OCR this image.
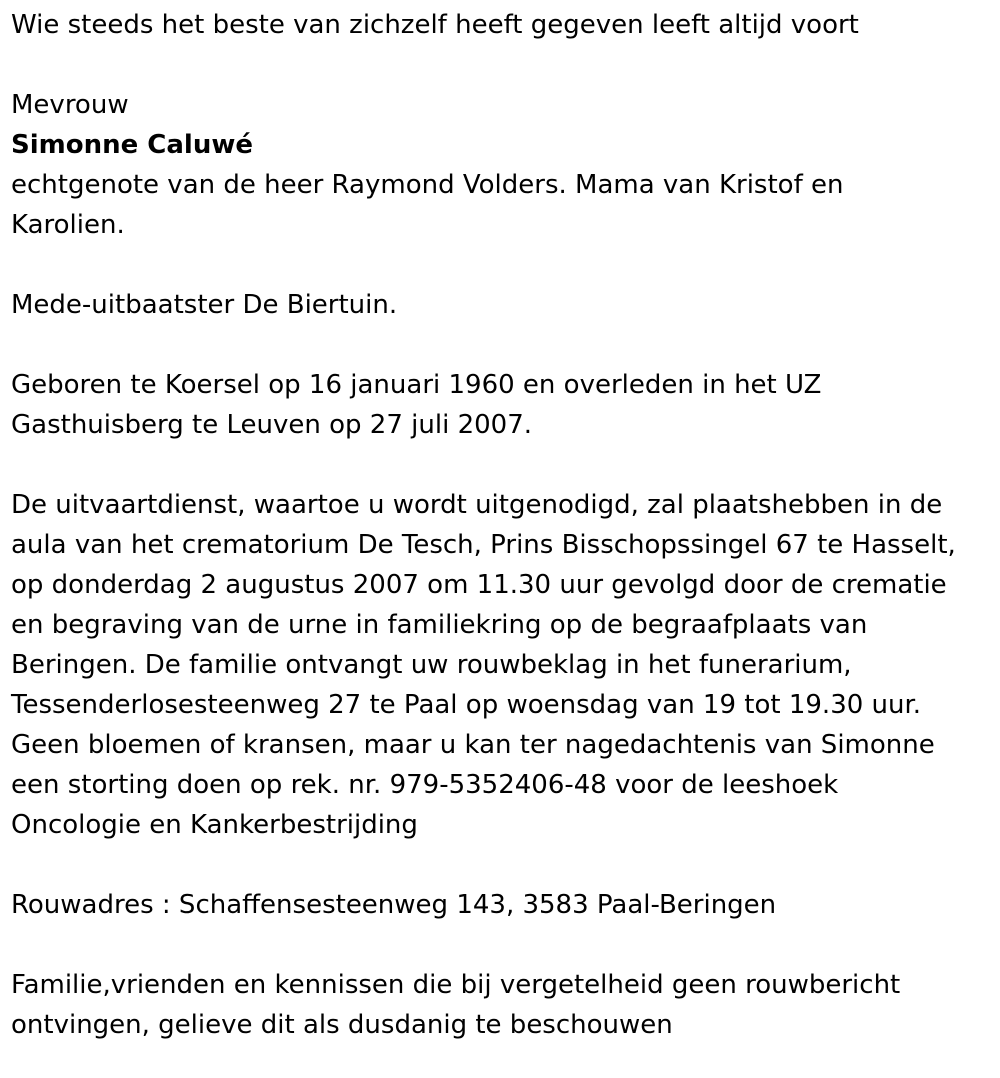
Wie steeds het beste van zichzelf heeft gegeven leeft altijd voort

Mevrouw

Simonne Caluwé

echtgenote van de heer Raymond Volders. Mama van Kristof en
Karolien.

Mede-uitbaatster De Biertuin.

Geboren te Koersel op 16 januari 1960 en overleden in het UZ
Gasthuisberg te Leuven op 27 juli 2007.

De uitvaartdienst, waartoe u wordt uitgenodigd, zal plaatshebben in de
aula van het crematorium De Tesch, Prins Bisschopssingel 67 te Hasselt,
op donderdag 2 augustus 2007 om 11.30 uur gevolgd door de crematie
en begraving van de urne in familiekring op de begraafplaats van
Beringen. De familie ontvangt uw rouwbeklag in het funerarium,
Tessenderlosesteenweg 27 te Paal op woensdag van 19 tot 19.30 uur.
Geen bloemen of kransen, maar u kan ter nagedachtenis van Simonne
een storting doen op rek. nr. 979-5352406-48 voor de leeshoek
Oncologie en Kankerbestrijding

Rouwadres : Schaffensesteenweg 143, 3583 Paal-Beringen

Familie,vrienden en kennissen die bij vergetelheid geen rouwbericht
ontvingen, gelieve dit als dusdanig te beschouwen
